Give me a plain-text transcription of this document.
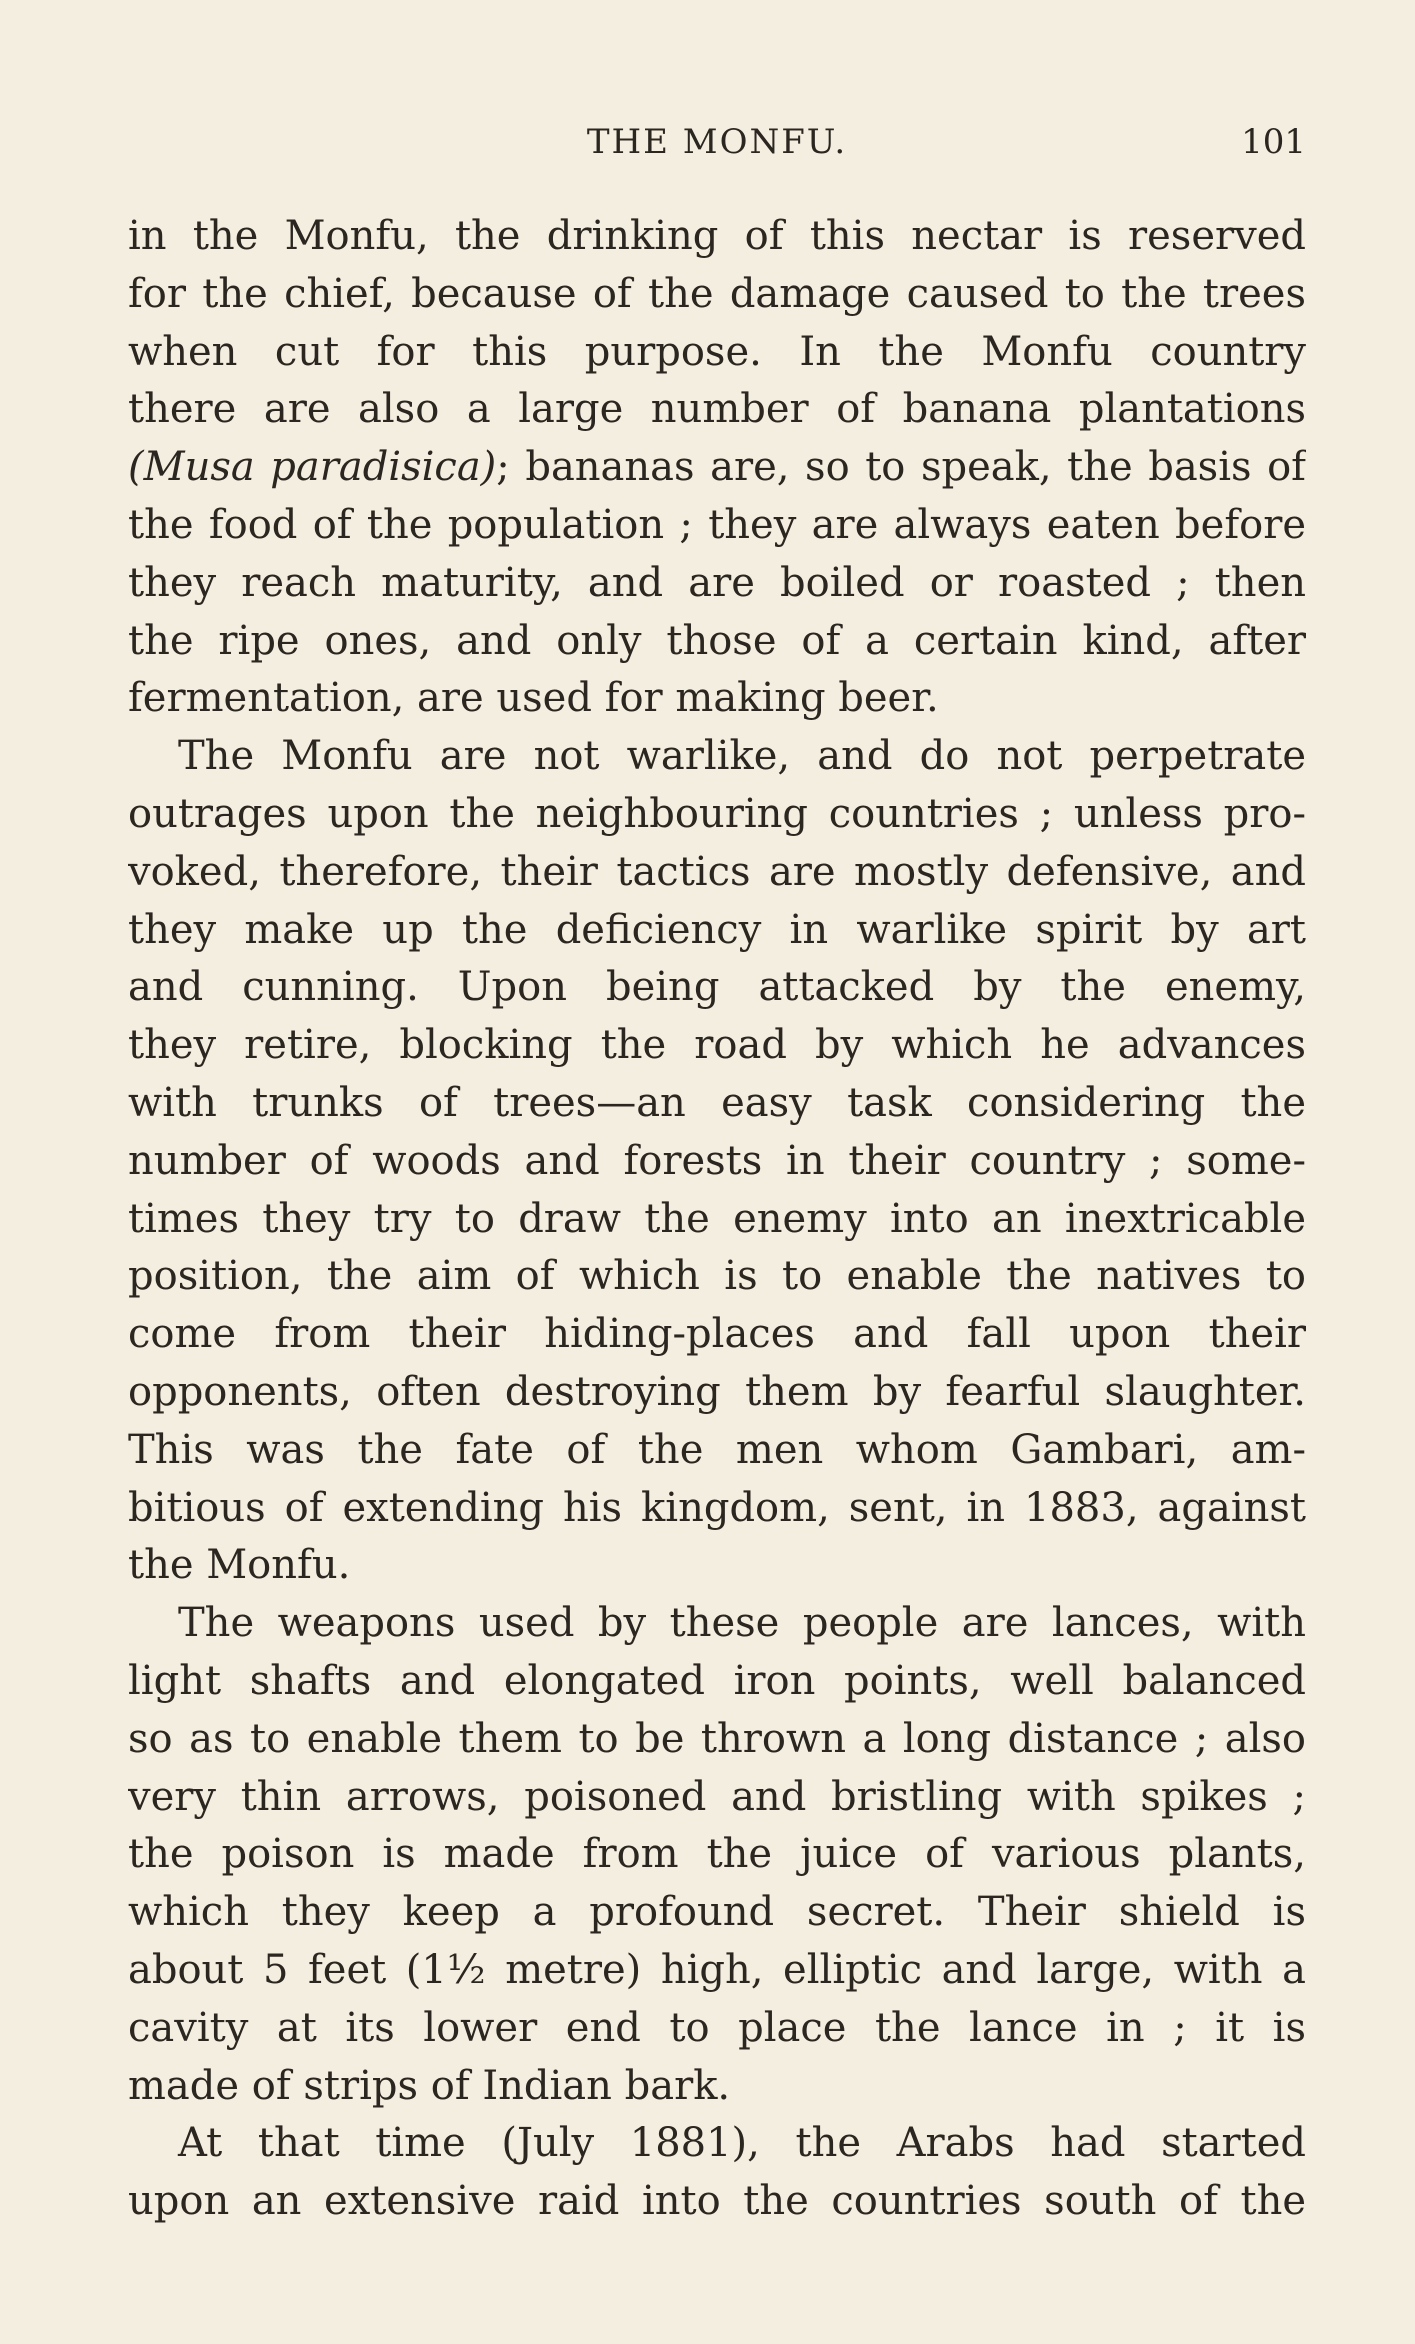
THE MONFU.	101
in the Monfu, the drinking of this nectar is reserved
for the chief, because of the damage caused to the trees
when cut for this purpose. In the Monfu country
there are also a large number of banana plantations
(Musa paradisica); bananas are, so to speak, the basis of
the food of the population ; they are always eaten before
they reach maturity, and are boiled or roasted ; then
the ripe ones, and only those of a certain kind, after
fermentation, are used for making beer.
The Monfu are not warlike, and do not perpetrate
outrages upon the neighbouring countries ; unless pro-
voked, therefore, their tactics are mostly defensive, and
they make up the deficiency in warlike spirit by art
and cunning. Upon being attacked by the enemy,
they retire, blocking the road by which he advances
with trunks of trees—an easy task considering the
number of woods and forests in their country ; some-
times they try to draw the enemy into an inextricable
position, the aim of which is to enable the natives to
come from their hiding-places and fall upon their
opponents, often destroying them by fearful slaughter.
This was the fate of the men whom Gambari, am-
bitious of extending his kingdom, sent, in 1883, against
the Monfu.
The weapons used by these people are lances, with
light shafts and elongated iron points, well balanced
so as to enable them to be thrown a long distance ; also
very thin arrows, poisoned and bristling with spikes ;
the poison is made from the juice of various plants,
which they keep a profound secret. Their shield is
about 5 feet (1½ metre) high, elliptic and large, with a
cavity at its lower end to place the lance in ; it is
made of strips of Indian bark.
At that time (July 1881), the Arabs had started
upon an extensive raid into the countries south of the
